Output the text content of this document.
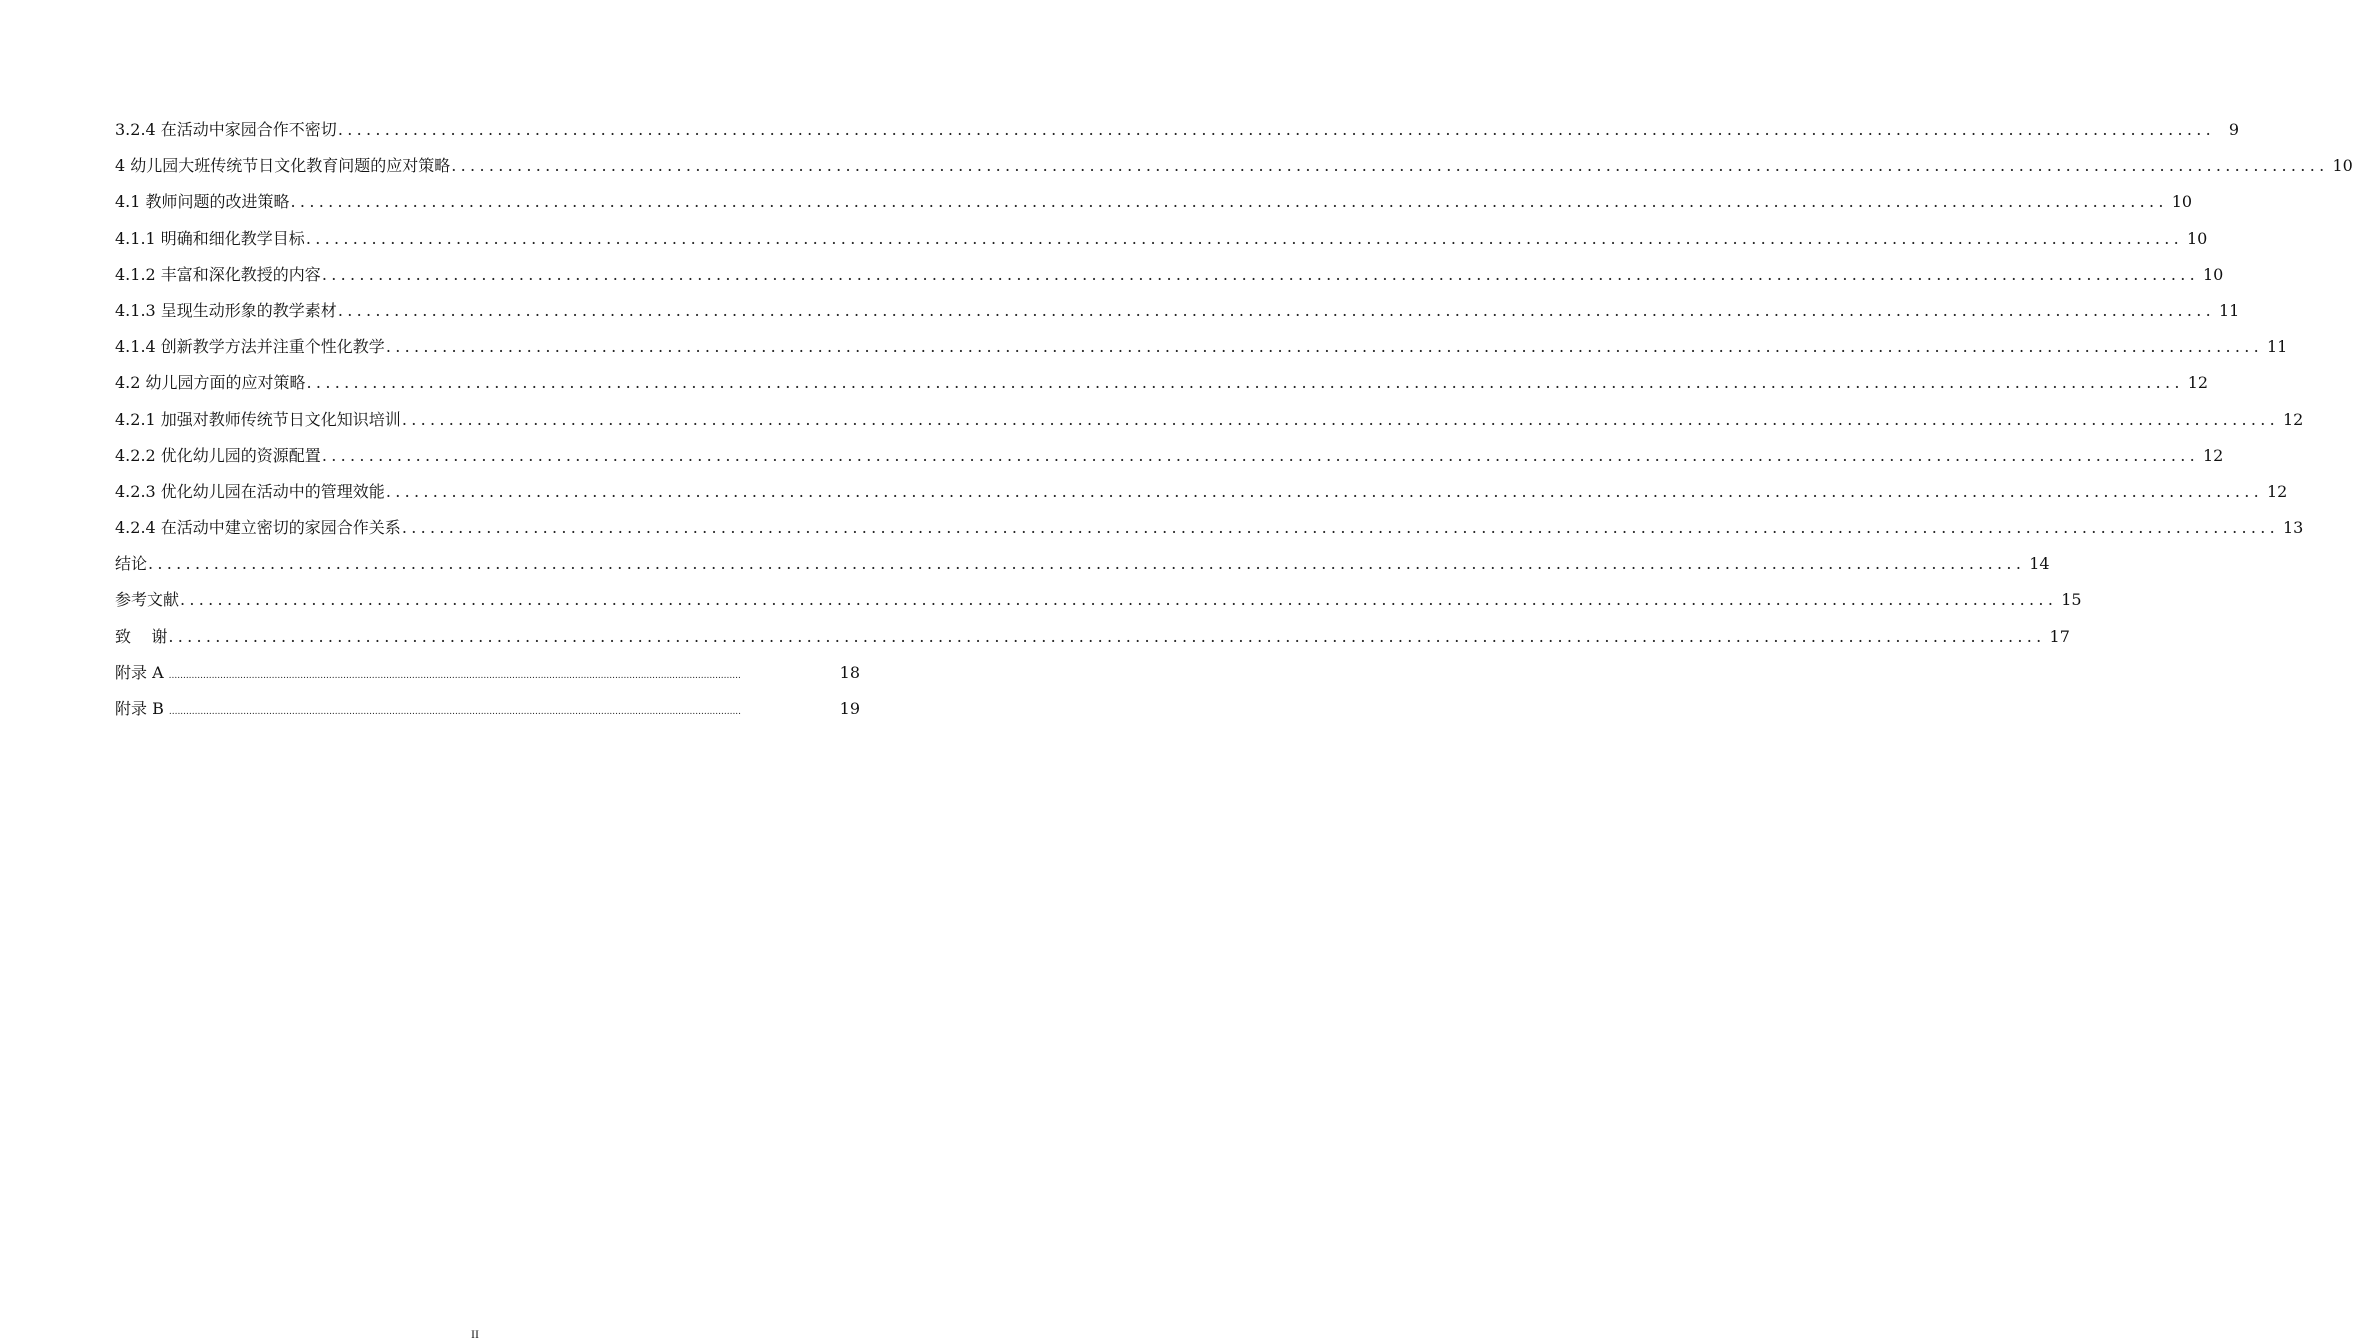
3.2.4 在活动中家园合作不密切 ........................................................................................................................................................................................................ 9
4 幼儿园大班传统节日文化教育问题的应对策略 ........................................................................................................................................................................................................ 10
4.1 教师问题的改进策略 ........................................................................................................................................................................................................ 10
4.1.1 明确和细化教学目标 ........................................................................................................................................................................................................ 10
4.1.2 丰富和深化教授的内容 ........................................................................................................................................................................................................ 10
4.1.3 呈现生动形象的教学素材 ........................................................................................................................................................................................................ 11
4.1.4 创新教学方法并注重个性化教学 ........................................................................................................................................................................................................ 11
4.2 幼儿园方面的应对策略 ........................................................................................................................................................................................................ 12
4.2.1 加强对教师传统节日文化知识培训 ........................................................................................................................................................................................................ 12
4.2.2 优化幼儿园的资源配置 ........................................................................................................................................................................................................ 12
4.2.3 优化幼儿园在活动中的管理效能 ........................................................................................................................................................................................................ 12
4.2.4 在活动中建立密切的家园合作关系 ........................................................................................................................................................................................................ 13
结论 ........................................................................................................................................................................................................ 14
参考文献 ........................................................................................................................................................................................................ 15
致    谢 ........................................................................................................................................................................................................ 17
附录 A ........................................................................................................................................................................................................	18
附录 B ........................................................................................................................................................................................................	19
II
